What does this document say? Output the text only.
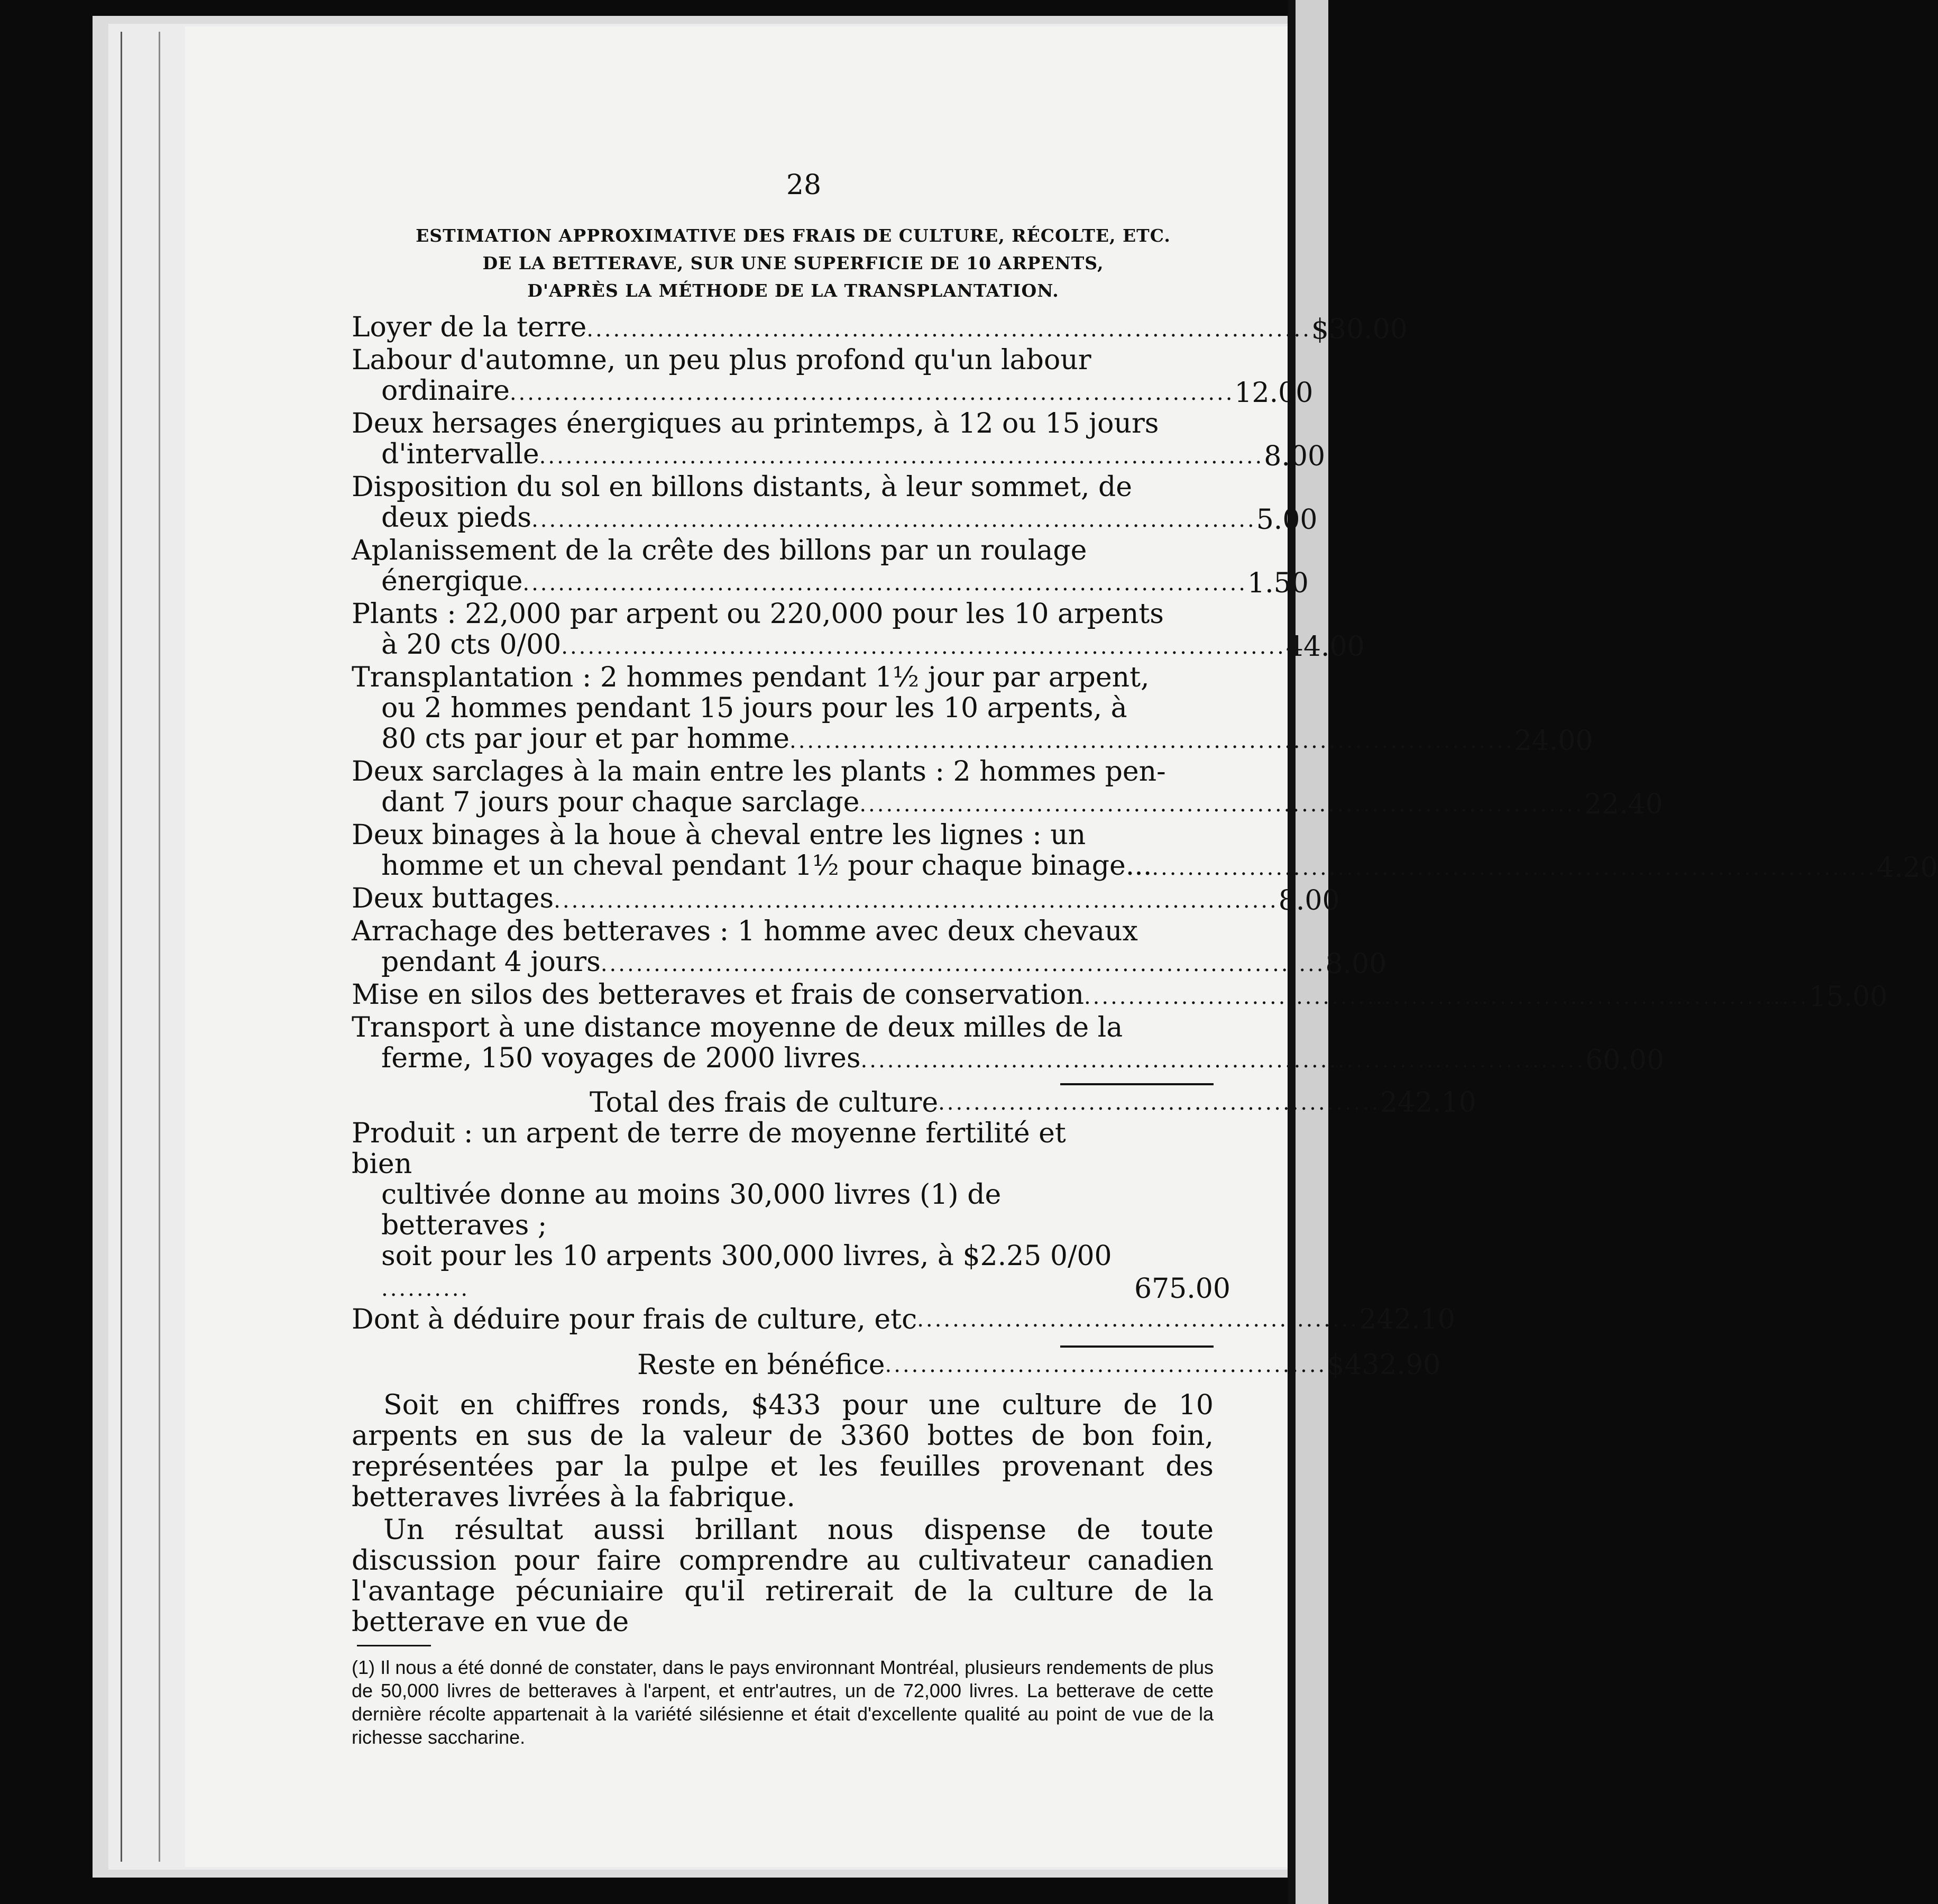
28
ESTIMATION APPROXIMATIVE DES FRAIS DE CULTURE, RÉCOLTE, ETC.
DE LA BETTERAVE, SUR UNE SUPERFICIE DE 10 ARPENTS,
D'APRÈS LA MÉTHODE DE LA TRANSPLANTATION.
Loyer de la terre.................................................................................. $30.00
Labour d'automne, un peu plus profond qu'un labour
ordinaire.................................................................................. 12.00
Deux hersages énergiques au printemps, à 12 ou 15 jours
d'intervalle.................................................................................. 8.00
Disposition du sol en billons distants, à leur sommet, de
deux pieds.................................................................................. 5.00
Aplanissement de la crête des billons par un roulage
énergique.................................................................................. 1.50
Plants : 22,000 par arpent ou 220,000 pour les 10 arpents
à 20 cts 0/00.................................................................................. 44.00
Transplantation : 2 hommes pendant 1½ jour par arpent,
ou 2 hommes pendant 15 jours pour les 10 arpents, à
80 cts par jour et par homme.................................................................................. 24.00
Deux sarclages à la main entre les plants : 2 hommes pen-
dant 7 jours pour chaque sarclage.................................................................................. 22.40
Deux binages à la houe à cheval entre les lignes : un
homme et un cheval pendant 1½ pour chaque binage..................................................................................... 4.20
Deux buttages.................................................................................. 8.00
Arrachage des betteraves : 1 homme avec deux chevaux
pendant 4 jours.................................................................................. 8.00
Mise en silos des betteraves et frais de conservation.................................................................................. 15.00
Transport à une distance moyenne de deux milles de la
ferme, 150 voyages de 2000 livres.................................................................................. 60.00
Total des frais de culture .................................................. 242.10
Produit : un arpent de terre de moyenne fertilité et bien
cultivée donne au moins 30,000 livres (1) de betteraves ;
soit pour les 10 arpents 300,000 livres, à $2.25 0/00 ..........	675.00
Dont à déduire pour frais de culture, etc .................................................. 242.10
Reste en bénéfice .................................................. $432.90

Soit en chiffres ronds, $433 pour une culture de 10 arpents en sus de la valeur de 3360 bottes de bon foin, représentées par la pulpe et les feuilles provenant des betteraves livrées à la fabrique.

Un résultat aussi brillant nous dispense de toute discussion pour faire comprendre au cultivateur canadien l'avantage pécuniaire qu'il retirerait de la culture de la betterave en vue de

(1) Il nous a été donné de constater, dans le pays environnant Montréal, plusieurs rendements de plus de 50,000 livres de betteraves à l'arpent, et entr'autres, un de 72,000 livres. La betterave de cette dernière récolte appartenait à la variété silésienne et était d'excellente qualité au point de vue de la richesse saccharine.
